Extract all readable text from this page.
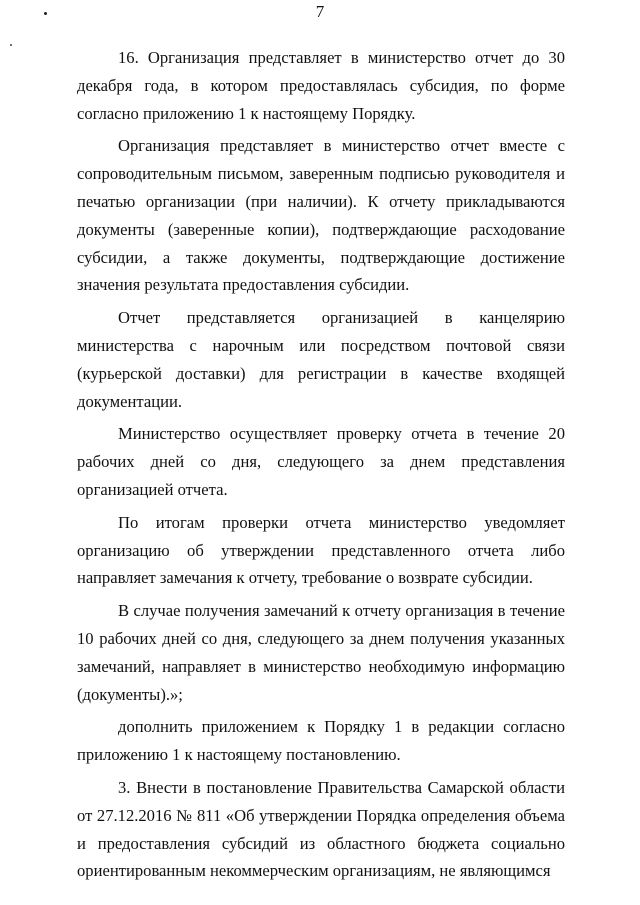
7

16. Организация представляет в министерство отчет до 30 декабря года, в котором предоставлялась субсидия, по форме согласно приложению 1 к настоящему Порядку.

Организация представляет в министерство отчет вместе с сопроводительным письмом, заверенным подписью руководителя и печатью организации (при наличии). К отчету прикладываются документы (заверенные копии), подтверждающие расходование субсидии, а также документы, подтверждающие достижение значения результата предоставления субсидии.

Отчет представляется организацией в канцелярию министерства с нарочным или посредством почтовой связи (курьерской доставки) для регистрации в качестве входящей документации.

Министерство осуществляет проверку отчета в течение 20 рабочих дней со дня, следующего за днем представления организацией отчета.

По итогам проверки отчета министерство уведомляет организацию об утверждении представленного отчета либо направляет замечания к отчету, требование о возврате субсидии.

В случае получения замечаний к отчету организация в течение 10 рабочих дней со дня, следующего за днем получения указанных замечаний, направляет в министерство необходимую информацию (документы).»;

дополнить приложением к Порядку 1 в редакции согласно приложению 1 к настоящему постановлению.

3. Внести в постановление Правительства Самарской области от 27.12.2016 № 811 «Об утверждении Порядка определения объема и предоставления субсидий из областного бюджета социально ориентированным некоммерческим организациям, не являющимся
